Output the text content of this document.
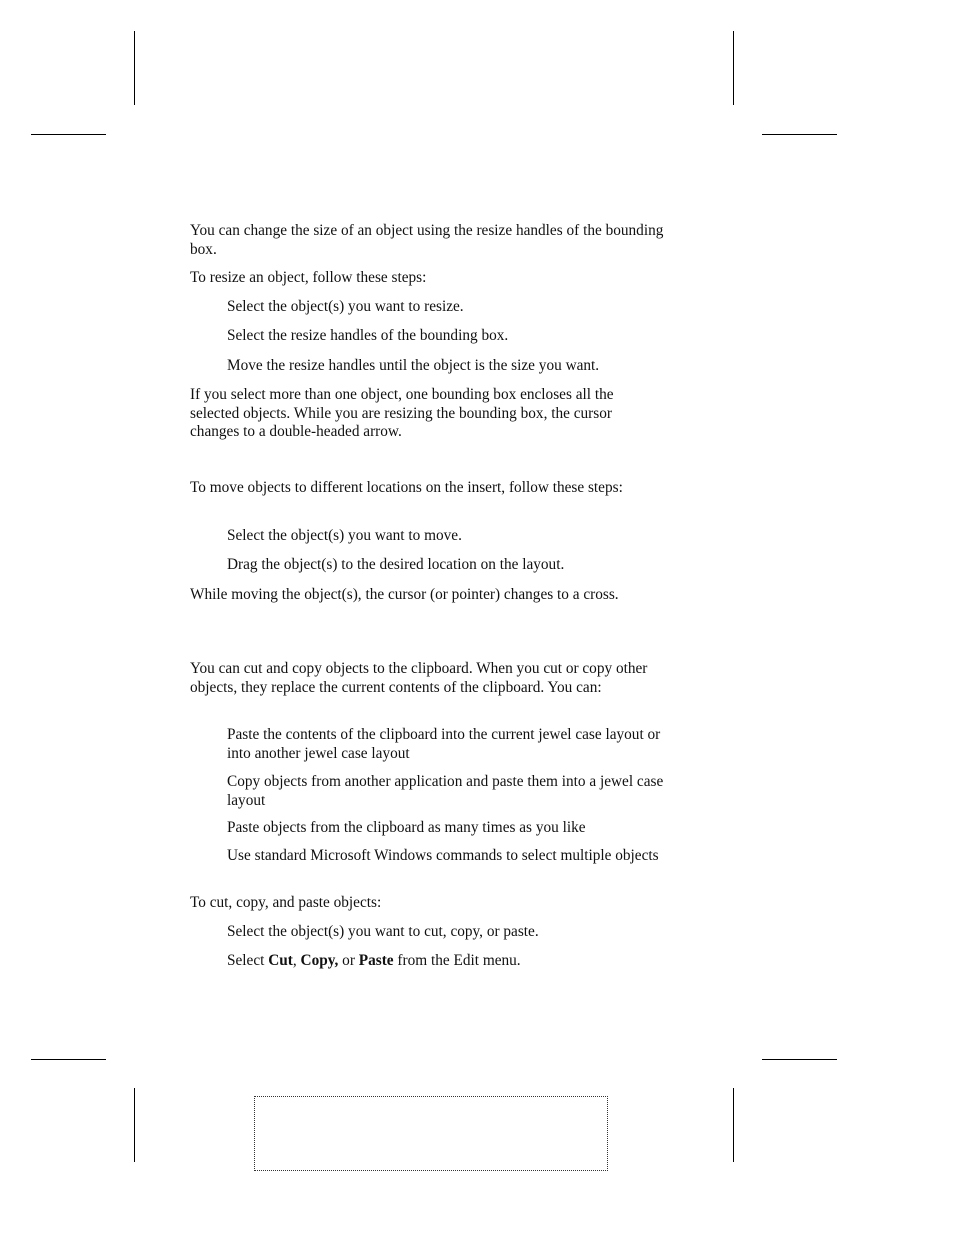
You can change the size of an object using the resize handles of the bounding box.

To resize an object, follow these steps:

Select the object(s) you want to resize.

Select the resize handles of the bounding box.

Move the resize handles until the object is the size you want.

If you select more than one object, one bounding box encloses all the selected objects. While you are resizing the bounding box, the cursor changes to a double-headed arrow.

To move objects to different locations on the insert, follow these steps:

Select the object(s) you want to move.

Drag the object(s) to the desired location on the layout.

While moving the object(s), the cursor (or pointer) changes to a cross.

You can cut and copy objects to the clipboard. When you cut or copy other objects, they replace the current contents of the clipboard. You can:

Paste the contents of the clipboard into the current jewel case layout or into another jewel case layout

Copy objects from another application and paste them into a jewel case layout

Paste objects from the clipboard as many times as you like

Use standard Microsoft Windows commands to select multiple objects

To cut, copy, and paste objects:

Select the object(s) you want to cut, copy, or paste.

Select Cut, Copy, or Paste from the Edit menu.
